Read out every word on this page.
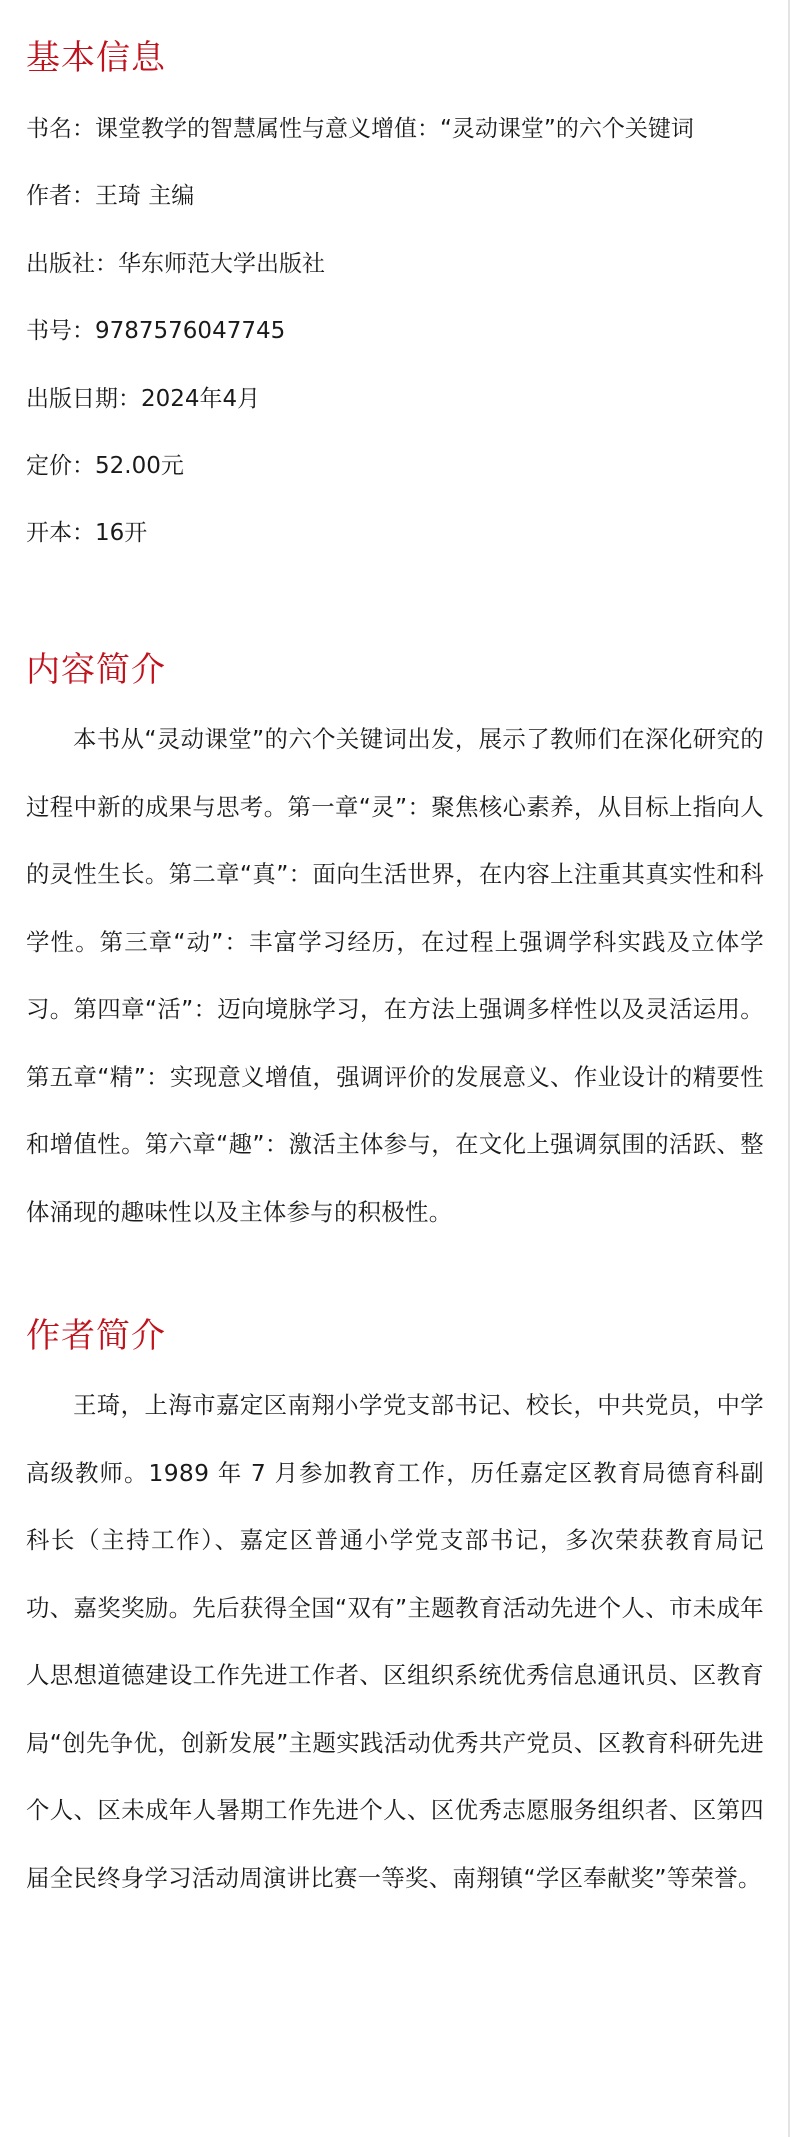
基本信息
书名：课堂教学的智慧属性与意义增值：“灵动课堂”的六个关键词
作者：王琦 主编
出版社：华东师范大学出版社
书号：9787576047745
出版日期：2024年4月
定价：52.00元
开本：16开
内容简介

本书从“灵动课堂”的六个关键词出发，展示了教师们在深化研究的过程中新的成果与思考。第一章“灵”：聚焦核心素养，从目标上指向人的灵性生长。第二章“真”：面向生活世界，在内容上注重其真实性和科学性。第三章“动”：丰富学习经历，在过程上强调学科实践及立体学习。第四章“活”：迈向境脉学习，在方法上强调多样性以及灵活运用。第五章“精”：实现意义增值，强调评价的发展意义、作业设计的精要性和增值性。第六章“趣”：激活主体参与，在文化上强调氛围的活跃、整体涌现的趣味性以及主体参与的积极性。

作者简介

王琦，上海市嘉定区南翔小学党支部书记、校长，中共党员，中学高级教师。1989 年 7 月参加教育工作，历任嘉定区教育局德育科副科长（主持工作）、嘉定区普通小学党支部书记，多次荣获教育局记功、嘉奖奖励。先后获得全国“双有”主题教育活动先进个人、市未成年人思想道德建设工作先进工作者、区组织系统优秀信息通讯员、区教育局“创先争优，创新发展”主题实践活动优秀共产党员、区教育科研先进个人、区未成年人暑期工作先进个人、区优秀志愿服务组织者、区第四届全民终身学习活动周演讲比赛一等奖、南翔镇“学区奉献奖”等荣誉。
